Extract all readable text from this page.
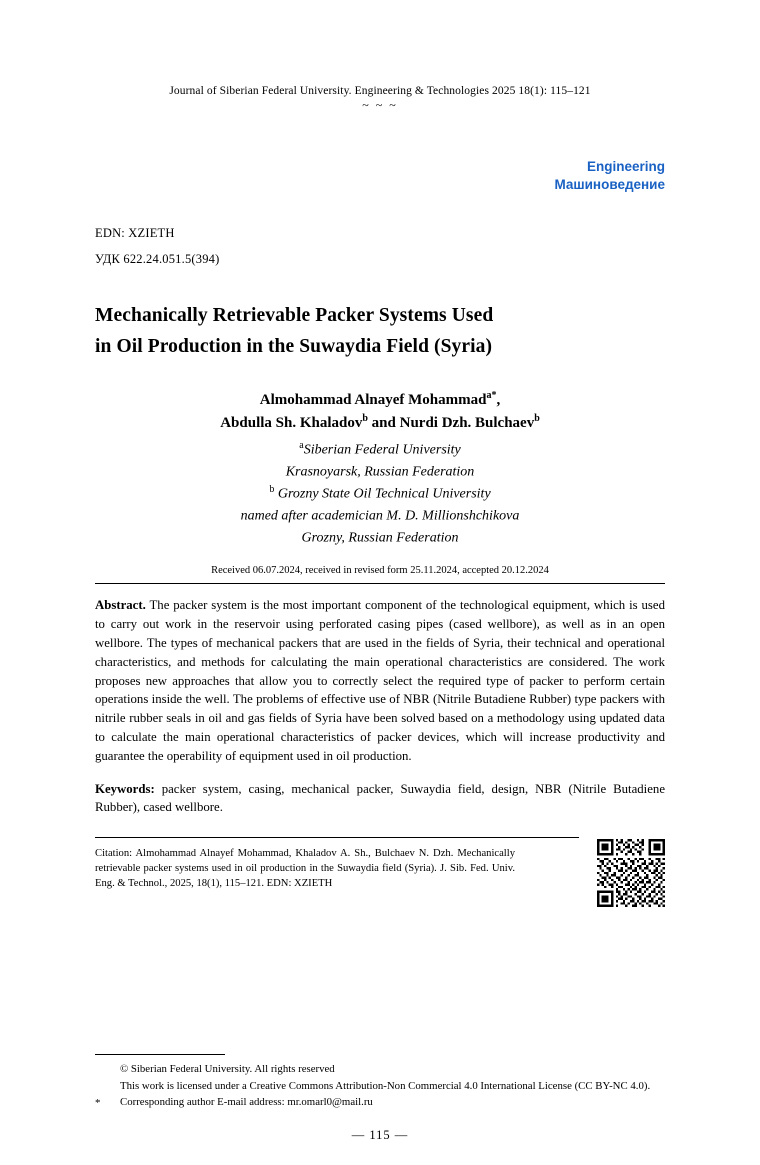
Journal of Siberian Federal University. Engineering & Technologies 2025 18(1): 115–121
~ ~ ~
Engineering
Машиноведение
EDN: XZIETH
УДК 622.24.051.5(394)
Mechanically Retrievable Packer Systems Used
in Oil Production in the Suwaydia Field (Syria)
Almohammad Alnayef Mohammad$^{a*}$,
Abdulla Sh. Khaladov$^b$ and Nurdi Dzh. Bulchaev$^b$
$^a$Siberian Federal University
Krasnoyarsk, Russian Federation
$^b$ Grozny State Oil Technical University
named after academician M. D. Millionshchikova
Grozny, Russian Federation
Received 06.07.2024, received in revised form 25.11.2024, accepted 20.12.2024

Abstract. The packer system is the most important component of the technological equipment, which is used to carry out work in the reservoir using perforated casing pipes (cased wellbore), as well as in an open wellbore. The types of mechanical packers that are used in the fields of Syria, their technical and operational characteristics, and methods for calculating the main operational characteristics are considered. The work proposes new approaches that allow you to correctly select the required type of packer to perform certain operations inside the well. The problems of effective use of NBR (Nitrile Butadiene Rubber) type packers with nitrile rubber seals in oil and gas fields of Syria have been solved based on a methodology using updated data to calculate the main operational characteristics of packer devices, which will increase productivity and guarantee the operability of equipment used in oil production.

Keywords: packer system, casing, mechanical packer, Suwaydia field, design, NBR (Nitrile Butadiene Rubber), cased wellbore.

Citation: Almohammad Alnayef Mohammad, Khaladov A. Sh., Bulchaev N. Dzh. Mechanically retrievable packer systems used in oil production in the Suwaydia field (Syria). J. Sib. Fed. Univ. Eng. & Technol., 2025, 18(1), 115–121. EDN: XZIETH
© Siberian Federal University. All rights reserved
This work is licensed under a Creative Commons Attribution-Non Commercial 4.0 International License (CC BY-NC 4.0).
* Corresponding author E-mail address: mr.omarl0@mail.ru
— 115 —
